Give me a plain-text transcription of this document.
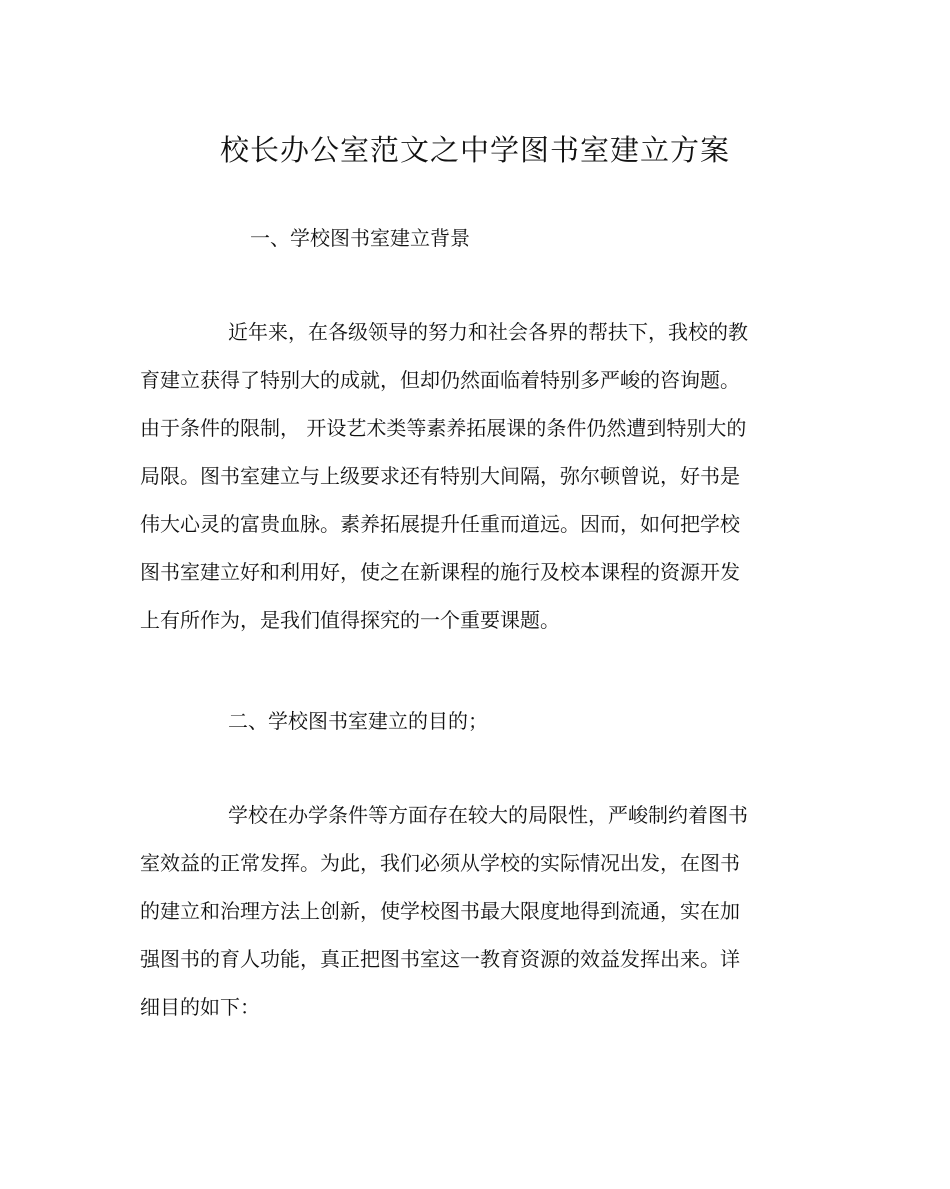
校长办公室范文之中学图书室建立方案
一、学校图书室建立背景
近年来，在各级领导的努力和社会各界的帮扶下，我校的教
育建立获得了特别大的成就，但却仍然面临着特别多严峻的咨询题。
由于条件的限制， 开设艺术类等素养拓展课的条件仍然遭到特别大的
局限。图书室建立与上级要求还有特别大间隔，弥尔顿曾说，好书是
伟大心灵的富贵血脉。素养拓展提升任重而道远。因而，如何把学校
图书室建立好和利用好，使之在新课程的施行及校本课程的资源开发
上有所作为，是我们值得探究的一个重要课题。
二、学校图书室建立的目的；
学校在办学条件等方面存在较大的局限性，严峻制约着图书
室效益的正常发挥。为此，我们必须从学校的实际情况出发，在图书
的建立和治理方法上创新，使学校图书最大限度地得到流通，实在加
强图书的育人功能，真正把图书室这一教育资源的效益发挥出来。详
细目的如下：
